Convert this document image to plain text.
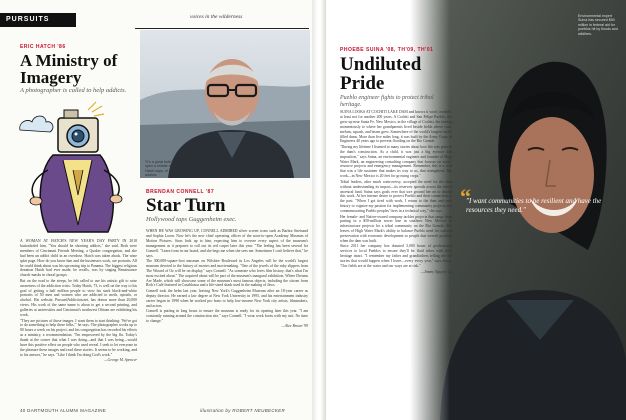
PURSUITS	voices in the wilderness
ERIC HATCH '86
A Ministry of Imagery
A photographer is called to help addicts.

A WOMAN AT HATCH'S NEW YEAR'S DAY PARTY IN 2018 buttonholed him, "You should be shooting addicts," she said. Both were members of Cincinnati Friends Meeting, a Quaker congregation, and she had been an addict child in an overdose. Hatch was taken aback. The wine splat page. How do you know him and the businesses work, are portraits. All he could think about was his upcoming trip to Panama. The biggest religious donation Hatch had ever made, he recalls, was by staging Renaissance church-masks in choral groups.

But on the road to the steeps, he felt called to use his artistic gift to raise awareness of the addiction crisis. Today Hatch, 73, is well on the way to his goal of getting a half million people to view his stark black-and-white portraits of 50 men and women who are addicted to meth, opioids, or alcohol. His website, PursuedAddiction.net, has drawn more than 20,000 views. His work of the same name is about to get a second printing, and galleries at universities and Cincinnati's northwest Ohioan are exhibiting his work.

"They are pictures of those images. I want them to start thinking: 'We've got to do something to help these folks,'" he says. The photographer works up to 80 hours a week on his project, and his congregation has recorded his efforts as a ministry, a recommendation. "I'm empowered by the big flu. Today's thank at the corner that what I was doing—and that I was being—would have this positive effect on people who used reveal. I seek to let everyone in the pleasure these images and read these stories. It seems to be working, and to his answer," he says. "Like I think I'm doing God's work."

—George M. Spencer
"It's a great truth" to open a middle door, Hatch says, of addicts.
BRENDAN CONNELL '87
Star Turn
Hollywood taps Guggenheim exec.

WHEN HE WAS GROWING UP, CONNELL ADMIRED silver screen icons such as Barbra Streisand and Sophia Loren. Now he's the new chief operating officer of the soon-to-open Academy Museum of Motion Pictures. Stars look up to him, expecting him to oversee every aspect of the museum's management as it prepares to roll out its red carpet later this year. "The feeling has been several for Connell. "Learn from in our board, and she begs me when she sees me. Sometimes I can't believe that," he says.

The 300,000-square-foot museum on Wilshire Boulevard in Los Angeles will be the world's largest museum devoted to the history of movies and moviemaking. "One of the jewels of the ruby slippers from The Wizard of Oz will be on display," says Connell. "As someone who loves film history, that's what I'm most excited about." The acquired about will be part of the museum's inaugural exhibition, Where Dreams Are Made, which will showcase some of the museum's most famous objects, including the sitcom from Rick's Café featured in Casablanca and a life-sized shark used in the making of Jaws.

Connell took the helm last year, leaving New York's Guggenheim Museum after an 18-year career as deputy director. He earned a law degree at New York University in 1995, and his entertainment industry career began in 1998 when he worked pro bono to help low-income New York city artists, filmmakers, and actors.

Connell is putting in long hours to ensure the museum is ready for its opening later this year. "I am constantly running around the construction site," says Connell. "I wear work boots with my suit. No time to change."

—Alex Brown '99
40 DARTMOUTH ALUMNI MAGAZINE	illustration by ROBERT NEUBECKER
Environmental expert Suina has secured $50 million in federal aid for pueblos hit by floods and wildfires.
PHOEBE SUINA '08, TH'09, TH'01
Undiluted Pride
Pueblo engineer fights to protect tribal heritage.

SUINA LOOKS AT COCHITI LAKE DAM and knows it won't crumble, at least not for another 200 years. A Cochiti and San Felipe Pueblo, she grew up near Santa Fe, New Mexico, in the village of Cochiti, the turning momentously to where her grandparents lived beside fields where corn, melons, squash, and beans grew. Somewhere of the world's longest earth-filled dams. More than five miles long, it was built by the Army Corps of Engineers 40 years ago to prevent flooding on the Rio Grande.

"During my lifetime I listened to many stories about how life was prior to the dam's construction. As a child, it was just a big eyesore and imposition," says Suina, an environmental engineer and founder of High Water Mark, an engineering consulting company that focuses on water-resource projects and emergency management. Remember, this is a wall that was a life sustainer that makes its way to us, that strengthens. My work—in New Mexico is 20 feet for growing crops."

Tribal leaders, after much controversy, accepted the need for the dam without understanding its impact—its reservoir spreads across the tribe's ancestral land. Suina says goals ever that tore ground her on to absorb this work. At her intense desire to protect Pueblo and their connection to the past. "When I got tired with work, I return to the dam and read history to cognize my passion for implementing community projects and commemorating Pueblo peoples' lives in a technical way," she says.

Her female- and Native-owned company tackles projects that range from putting in a $50-million sewer line in southern New Mexico to infrastructure projects for a tribal community on the Rio Grande. She leaves of High Water Mark's ability to balance Pueblo need for cultural preservation with economic development so people that weren't possible when the dam was built.

Since 2011 her company has donated 3,000 hours of professional services to local Pueblos to ensure they'll be fluid tribes with their heritage intact. "I remember my father and grandfathers telling me the stories that would happen when I leave—every every year," says Suina. "Our fields are at the water and our ways are at risk."

—Jimmy Nguyen '21
“
"I want communities to be resilient and have the resources they need."
